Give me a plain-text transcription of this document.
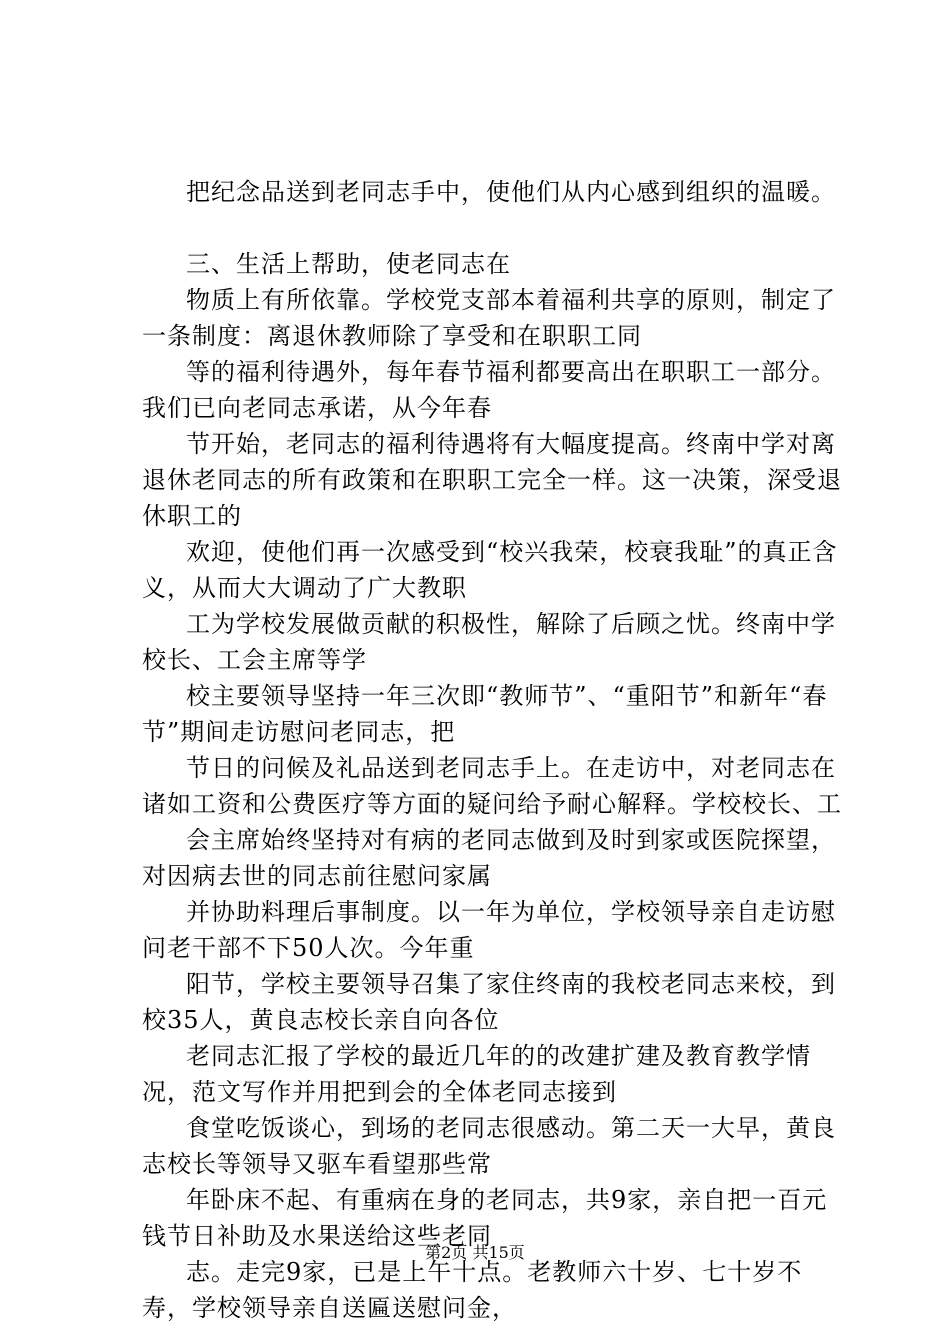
把纪念品送到老同志手中，使他们从内心感到组织的温暖。

三、生活上帮助，使老同志在

物质上有所依靠。学校党支部本着福利共享的原则，制定了一条制度：离退休教师除了享受和在职职工同

等的福利待遇外，每年春节福利都要高出在职职工一部分。我们已向老同志承诺，从今年春

节开始，老同志的福利待遇将有大幅度提高。终南中学对离退休老同志的所有政策和在职职工完全一样。这一决策，深受退休职工的

欢迎，使他们再一次感受到“校兴我荣，校衰我耻”的真正含义，从而大大调动了广大教职

工为学校发展做贡献的积极性，解除了后顾之忧。终南中学校长、工会主席等学

校主要领导坚持一年三次即“教师节”、“重阳节”和新年“春节”期间走访慰问老同志，把

节日的问候及礼品送到老同志手上。在走访中，对老同志在诸如工资和公费医疗等方面的疑问给予耐心解释。学校校长、工

会主席始终坚持对有病的老同志做到及时到家或医院探望，对因病去世的同志前往慰问家属

并协助料理后事制度。以一年为单位，学校领导亲自走访慰问老干部不下50人次。今年重

阳节，学校主要领导召集了家住终南的我校老同志来校，到校35人，黄良志校长亲自向各位

老同志汇报了学校的最近几年的的改建扩建及教育教学情况，范文写作并用把到会的全体老同志接到

食堂吃饭谈心，到场的老同志很感动。第二天一大早，黄良志校长等领导又驱车看望那些常

年卧床不起、有重病在身的老同志，共9家，亲自把一百元钱节日补助及水果送给这些老同

志。走完9家，已是上午十点。老教师六十岁、七十岁不寿，学校领导亲自送匾送慰问金，

第2页 共15页
